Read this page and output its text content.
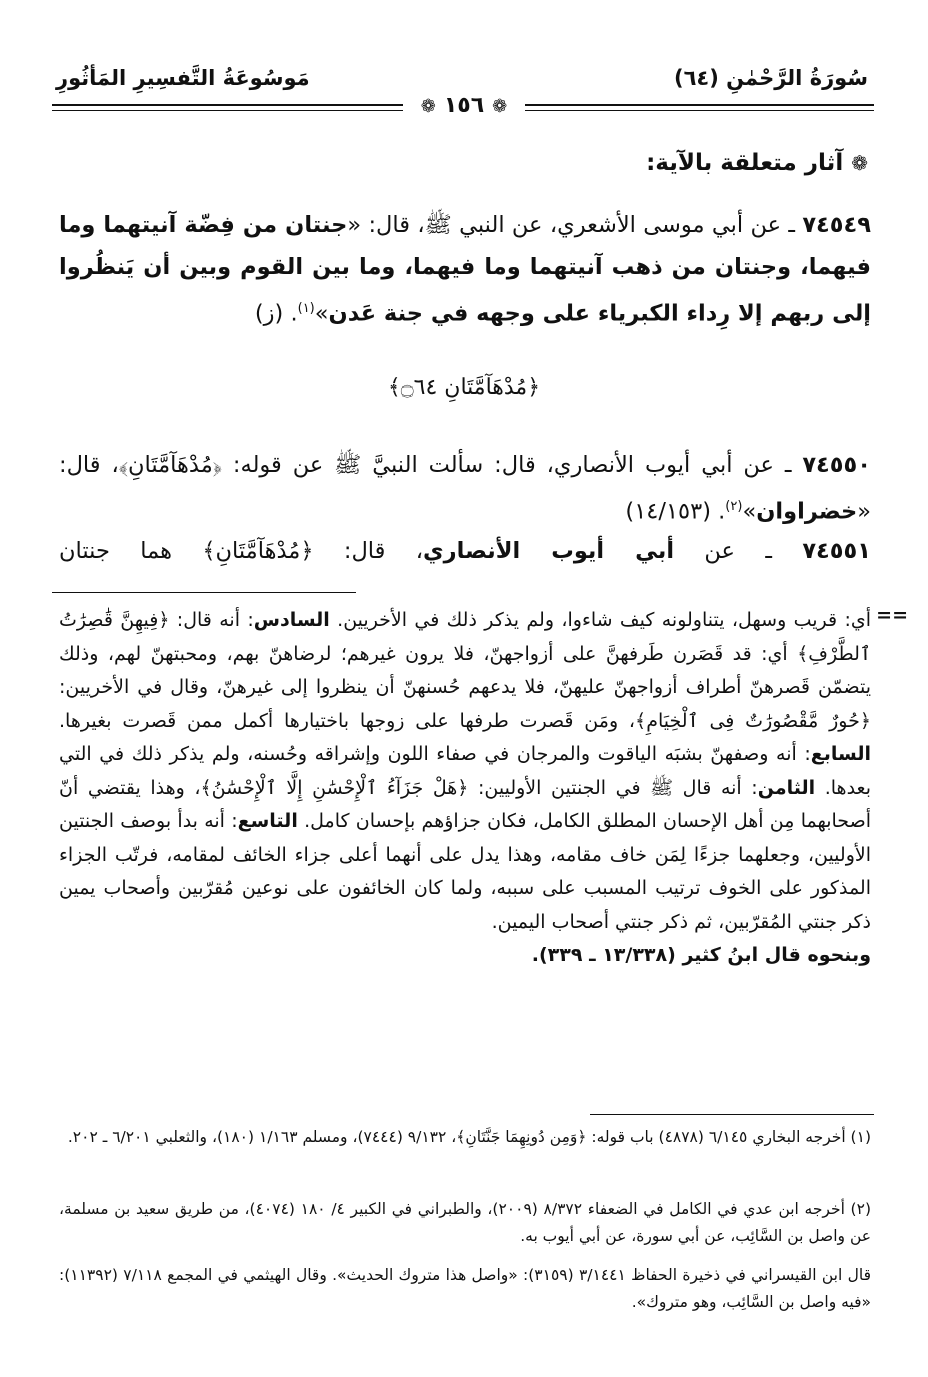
سُورَةُ الرَّحْمٰنِ (٦٤)
مَوسُوعَةُ التَّفسِيرِ المَأثُورِ
❁١٥٦❁
❁ آثار متعلقة بالآية:
٧٤٥٤٩ ـ عن أبي موسى الأشعري، عن النبي ﷺ، قال: «جنتان من فِضّة آنيتهما وما فيهما، وجنتان من ذهب آنيتهما وما فيهما، وما بين القوم وبين أن يَنظُروا إلى ربهم إلا رِداء الكبرياء على وجهه في جنة عَدن»$^{(١)}$. (ز)
﴿مُدْهَآمَّتَانِ ۝٦٤﴾
٧٤٥٥٠ ـ عن أبي أيوب الأنصاري، قال: سألت النبيَّ ﷺ عن قوله: ﴿مُدْهَآمَّتَانِ﴾، قال: «خضراوان»$^{(٢)}$. (١٤/١٥٣)
٧٤٥٥١ ـ عن أبي أيوب الأنصاري، قال: ﴿مُدْهَآمَّتَانِ﴾ هما جنتان
==
أي: قريب وسهل، يتناولونه كيف شاءوا، ولم يذكر ذلك في الأخريين. السادس: أنه قال: ﴿فِيهِنَّ قَٰصِرَٰتُ ٱلطَّرْفِ﴾ أي: قد قَصَرن طَرفهنَّ على أزواجهنّ، فلا يرون غيرهم؛ لرضاهنّ بهم، ومحبتهنّ لهم، وذلك يتضمّن قَصرهنّ أطراف أزواجهنّ عليهنّ، فلا يدعهم حُسنهنّ أن ينظروا إلى غيرهنّ، وقال في الأخريين: ﴿حُورٌ مَّقْصُورَٰتٌ فِى ٱلْخِيَامِ﴾، ومَن قَصرت طرفها على زوجها باختيارها أكمل ممن قَصرت بغيرها. السابع: أنه وصفهنّ بشبَه الياقوت والمرجان في صفاء اللون وإشراقه وحُسنه، ولم يذكر ذلك في التي بعدها. الثامن: أنه قال ﷺ في الجنتين الأوليين: ﴿هَلْ جَزَآءُ ٱلْإِحْسَٰنِ إِلَّا ٱلْإِحْسَٰنُ﴾، وهذا يقتضي أنّ أصحابهما مِن أهل الإحسان المطلق الكامل، فكان جزاؤهم بإحسان كامل. التاسع: أنه بدأ بوصف الجنتين الأوليين، وجعلهما جزءًا لِمَن خاف مقامه، وهذا يدل على أنهما أعلى جزاء الخائف لمقامه، فرتّب الجزاء المذكور على الخوف ترتيب المسبب على سببه، ولما كان الخائفون على نوعين مُقرّبين وأصحاب يمين ذكر جنتي المُقرّبين، ثم ذكر جنتي أصحاب اليمين.
وبنحوه قال ابنُ كثير (١٣/٣٣٨ ـ ٣٣٩).
(١) أخرجه البخاري ٦/١٤٥ (٤٨٧٨) باب قوله: ﴿وَمِن دُونِهِمَا جَنَّتَانِ﴾، ٩/١٣٢ (٧٤٤٤)، ومسلم ١/١٦٣ (١٨٠)، والثعلبي ٦/٢٠١ ـ ٢٠٢.
(٢) أخرجه ابن عدي في الكامل في الضعفاء ٨/٣٧٢ (٢٠٠٩)، والطبراني في الكبير ٤/ ١٨٠ (٤٠٧٤)، من طريق سعيد بن مسلمة، عن واصل بن السَّائِب، عن أبي سورة، عن أبي أيوب به.
قال ابن القيسراني في ذخيرة الحفاظ ٣/١٤٤١ (٣١٥٩): «واصل هذا متروك الحديث». وقال الهيثمي في المجمع ٧/١١٨ (١١٣٩٢): «فيه واصل بن السَّائِب، وهو متروك».
